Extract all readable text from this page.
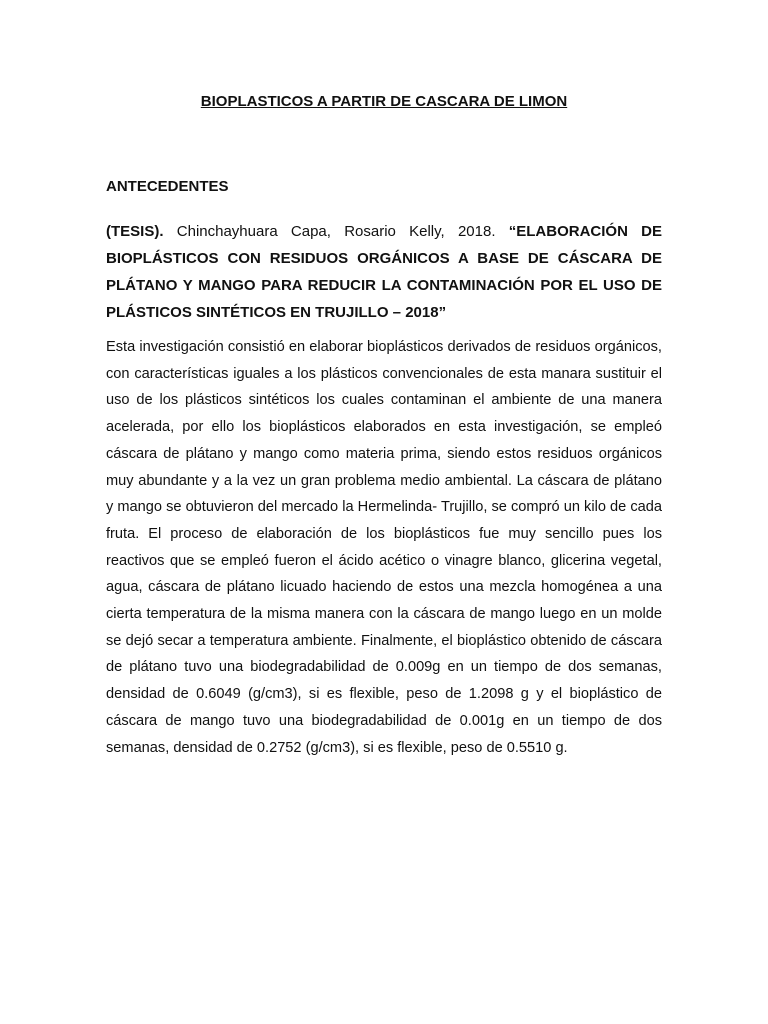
BIOPLASTICOS A PARTIR DE CASCARA DE LIMON
ANTECEDENTES

(TESIS). Chinchayhuara Capa, Rosario Kelly, 2018. “ELABORACIÓN DE BIOPLÁSTICOS CON RESIDUOS ORGÁNICOS A BASE DE CÁSCARA DE PLÁTANO Y MANGO PARA REDUCIR LA CONTAMINACIÓN POR EL USO DE PLÁSTICOS SINTÉTICOS EN TRUJILLO – 2018”

Esta investigación consistió en elaborar bioplásticos derivados de residuos orgánicos, con características iguales a los plásticos convencionales de esta manara sustituir el uso de los plásticos sintéticos los cuales contaminan el ambiente de una manera acelerada, por ello los bioplásticos elaborados en esta investigación, se empleó cáscara de plátano y mango como materia prima, siendo estos residuos orgánicos muy abundante y a la vez un gran problema medio ambiental. La cáscara de plátano y mango se obtuvieron del mercado la Hermelinda- Trujillo, se compró un kilo de cada fruta. El proceso de elaboración de los bioplásticos fue muy sencillo pues los reactivos que se empleó fueron el ácido acético o vinagre blanco, glicerina vegetal, agua, cáscara de plátano licuado haciendo de estos una mezcla homogénea a una cierta temperatura de la misma manera con la cáscara de mango luego en un molde se dejó secar a temperatura ambiente. Finalmente, el bioplástico obtenido de cáscara de plátano tuvo una biodegradabilidad de 0.009g en un tiempo de dos semanas, densidad de 0.6049 (g/cm3), si es flexible, peso de 1.2098 g y el bioplástico de cáscara de mango tuvo una biodegradabilidad de 0.001g en un tiempo de dos semanas, densidad de 0.2752 (g/cm3), si es flexible, peso de 0.5510 g.
